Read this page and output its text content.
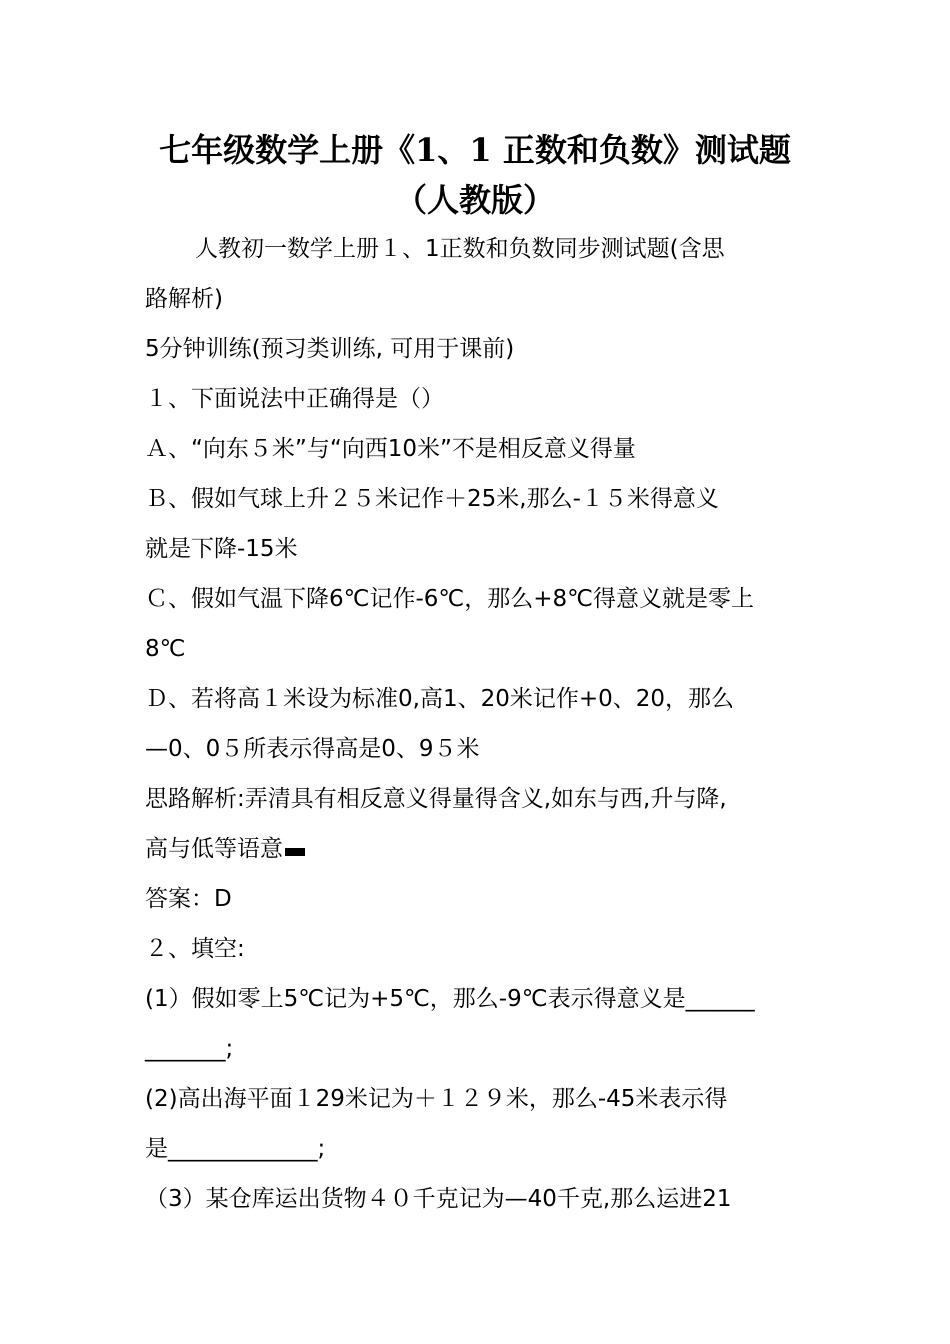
七年级数学上册《1、1 正数和负数》测试题
（人教版）
人教初一数学上册１、1正数和负数同步测试题(含思
路解析)
5分钟训练(预习类训练, 可用于课前)
１、下面说法中正确得是（）
Ａ、“向东５米”与“向西10米”不是相反意义得量
Ｂ、假如气球上升２５米记作＋25米,那么-１５米得意义
就是下降-15米
Ｃ、假如气温下降6℃记作-6℃，那么+8℃得意义就是零上
8℃
Ｄ、若将高１米设为标准0,高1、20米记作+0、20，那么
—0、0５所表示得高是0、9５米
思路解析:弄清具有相反意义得量得含义,如东与西,升与降,
高与低等语意
答案：D
２、填空:
(1）假如零上5℃记为+5℃，那么-9℃表示得意义是______
_______;
(2)高出海平面１29米记为＋１２９米，那么-45米表示得
是_____________;
（3）某仓库运出货物４０千克记为—40千克,那么运进21
